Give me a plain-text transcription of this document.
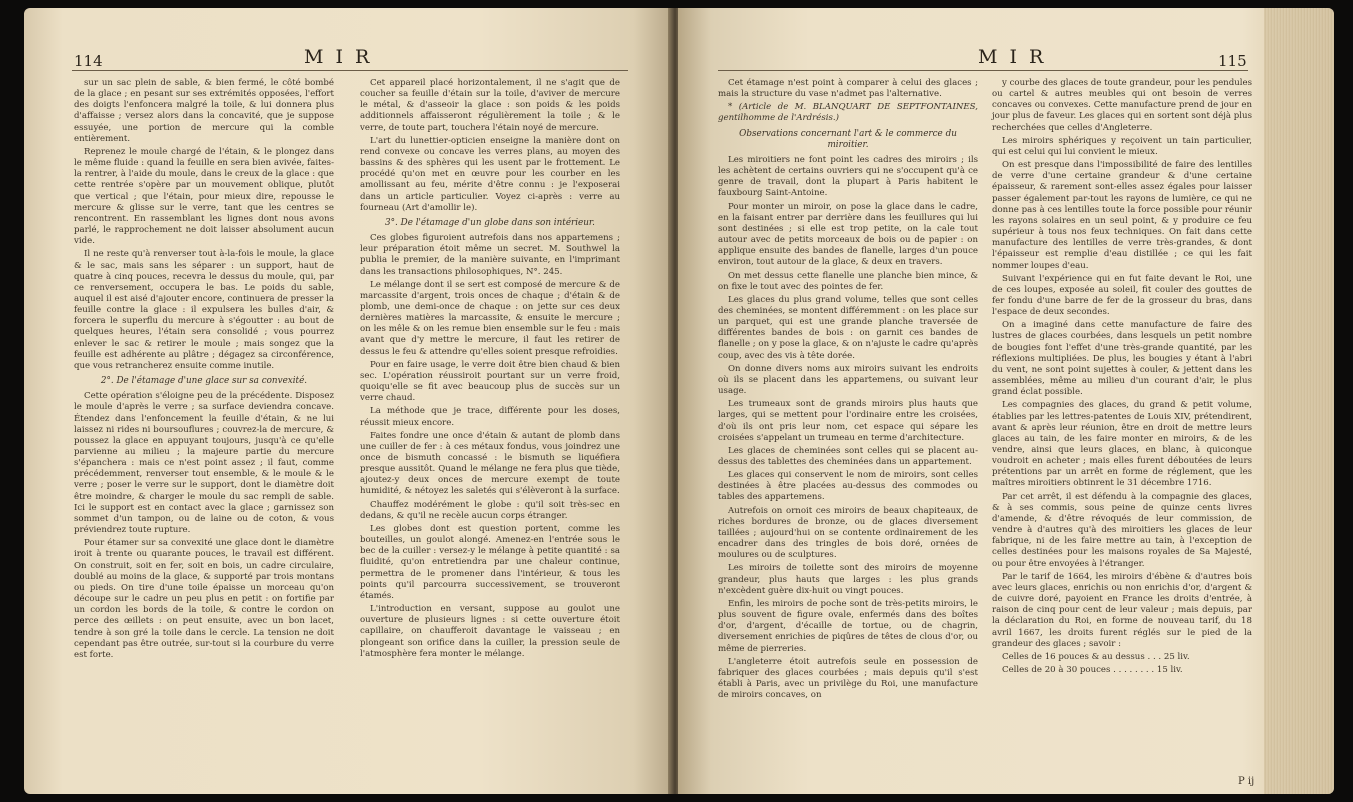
114	M I R

sur un sac plein de sable, & bien fermé, le côté bombé de la glace ; en pesant sur ses extrémités opposées, l'effort des doigts l'enfoncera malgré la toile, & lui donnera plus d'affaisse ; versez alors dans la concavité, que je suppose essuyée, une portion de mercure qui la comble entièrement.

Reprenez le moule chargé de l'étain, & le plongez dans le même fluide : quand la feuille en sera bien avivée, faites-la rentrer, à l'aide du moule, dans le creux de la glace : que cette rentrée s'opère par un mouvement oblique, plutôt que vertical ; que l'étain, pour mieux dire, repousse le mercure & glisse sur le verre, tant que les centres se rencontrent. En rassemblant les lignes dont nous avons parlé, le rapprochement ne doit laisser absolument aucun vide.

Il ne reste qu'à renverser tout à-la-fois le moule, la glace & le sac, mais sans les séparer : un support, haut de quatre à cinq pouces, recevra le dessus du moule, qui, par ce renversement, occupera le bas. Le poids du sable, auquel il est aisé d'ajouter encore, continuera de presser la feuille contre la glace : il expulsera les bulles d'air, & forcera le superflu du mercure à s'égoutter : au bout de quelques heures, l'étain sera consolidé ; vous pourrez enlever le sac & retirer le moule ; mais songez que la feuille est adhérente au plâtre ; dégagez sa circonférence, que vous retrancherez ensuite comme inutile.

2°. De l'étamage d'une glace sur sa convexité.

Cette opération s'éloigne peu de la précédente. Disposez le moule d'après le verre ; sa surface deviendra concave. Étendez dans l'enfoncement la feuille d'étain, & ne lui laissez ni rides ni boursouflures ; couvrez-la de mercure, & poussez la glace en appuyant toujours, jusqu'à ce qu'elle parvienne au milieu ; la majeure partie du mercure s'épanchera : mais ce n'est point assez ; il faut, comme précédemment, renverser tout ensemble, & le moule & le verre ; poser le verre sur le support, dont le diamètre doit être moindre, & charger le moule du sac rempli de sable. Ici le support est en contact avec la glace ; garnissez son sommet d'un tampon, ou de laine ou de coton, & vous préviendrez toute rupture.

Pour étamer sur sa convexité une glace dont le diamètre iroit à trente ou quarante pouces, le travail est différent. On construit, soit en fer, soit en bois, un cadre circulaire, doublé au moins de la glace, & supporté par trois montans ou pieds. On tire d'une toile épaisse un morceau qu'on découpe sur le cadre un peu plus en petit : on fortifie par un cordon les bords de la toile, & contre le cordon on perce des œillets : on peut ensuite, avec un bon lacet, tendre à son gré la toile dans le cercle. La tension ne doit cependant pas être outrée, sur-tout si la courbure du verre est forte.

Cet appareil placé horizontalement, il ne s'agit que de coucher sa feuille d'étain sur la toile, d'aviver de mercure le métal, & d'asseoir la glace : son poids & les poids additionnels affaisseront régulièrement la toile ; & le verre, de toute part, touchera l'étain noyé de mercure.

L'art du lunettier-opticien enseigne la manière dont on rend convexe ou concave les verres plans, au moyen des bassins & des sphères qui les usent par le frottement. Le procédé qu'on met en œuvre pour les courber en les amollissant au feu, mérite d'être connu : je l'exposerai dans un article particulier. Voyez ci-après : verre au fourneau (Art d'amollir le).

3°. De l'étamage d'un globe dans son intérieur.

Ces globes figuroient autrefois dans nos appartemens ; leur préparation étoit même un secret. M. Southwel la publia le premier, de la manière suivante, en l'imprimant dans les transactions philosophiques, N°. 245.

Le mélange dont il se sert est composé de mercure & de marcassite d'argent, trois onces de chaque ; d'étain & de plomb, une demi-once de chaque : on jette sur ces deux dernières matières la marcassite, & ensuite le mercure ; on les mêle & on les remue bien ensemble sur le feu : mais avant que d'y mettre le mercure, il faut les retirer de dessus le feu & attendre qu'elles soient presque refroidies.

Pour en faire usage, le verre doit être bien chaud & bien sec. L'opération réussiroit pourtant sur un verre froid, quoiqu'elle se fit avec beaucoup plus de succès sur un verre chaud.

La méthode que je trace, différente pour les doses, réussit mieux encore.

Faites fondre une once d'étain & autant de plomb dans une cuiller de fer : à ces métaux fondus, vous joindrez une once de bismuth concassé : le bismuth se liquéfiera presque aussitôt. Quand le mélange ne fera plus que tiède, ajoutez-y deux onces de mercure exempt de toute humidité, & nétoyez les saletés qui s'élèveront à la surface.

Chauffez modérément le globe : qu'il soit très-sec en dedans, & qu'il ne recèle aucun corps étranger.

Les globes dont est question portent, comme les bouteilles, un goulot alongé. Amenez-en l'entrée sous le bec de la cuiller : versez-y le mélange à petite quantité : sa fluidité, qu'on entretiendra par une chaleur continue, permettra de le promener dans l'intérieur, & tous les points qu'il parcourra successivement, se trouveront étamés.

L'introduction en versant, suppose au goulot une ouverture de plusieurs lignes : si cette ouverture étoit capillaire, on chaufferoit davantage le vaisseau ; en plongeant son orifice dans la cuiller, la pression seule de l'atmosphère fera monter le mélange.

M I R	115

Cet étamage n'est point à comparer à celui des glaces ; mais la structure du vase n'admet pas l'alternative.

* (Article de M. BLANQUART DE SEPTFONTAINES, gentilhomme de l'Ardrésis.)

Observations concernant l'art & le commerce du miroitier.

Les miroitiers ne font point les cadres des miroirs ; ils les achètent de certains ouvriers qui ne s'occupent qu'à ce genre de travail, dont la plupart à Paris habitent le fauxbourg Saint-Antoine.

Pour monter un miroir, on pose la glace dans le cadre, en la faisant entrer par derrière dans les feuillures qui lui sont destinées ; si elle est trop petite, on la cale tout autour avec de petits morceaux de bois ou de papier : on applique ensuite des bandes de flanelle, larges d'un pouce environ, tout autour de la glace, & deux en travers.

On met dessus cette flanelle une planche bien mince, & on fixe le tout avec des pointes de fer.

Les glaces du plus grand volume, telles que sont celles des cheminées, se montent différemment : on les place sur un parquet, qui est une grande planche traversée de différentes bandes de bois : on garnit ces bandes de flanelle ; on y pose la glace, & on n'ajuste le cadre qu'après coup, avec des vis à tête dorée.

On donne divers noms aux miroirs suivant les endroits où ils se placent dans les appartemens, ou suivant leur usage.

Les trumeaux sont de grands miroirs plus hauts que larges, qui se mettent pour l'ordinaire entre les croisées, d'où ils ont pris leur nom, cet espace qui sépare les croisées s'appelant un trumeau en terme d'architecture.

Les glaces de cheminées sont celles qui se placent au-dessus des tablettes des cheminées dans un appartement.

Les glaces qui conservent le nom de miroirs, sont celles destinées à être placées au-dessus des commodes ou tables des appartemens.

Autrefois on ornoit ces miroirs de beaux chapiteaux, de riches bordures de bronze, ou de glaces diversement taillées ; aujourd'hui on se contente ordinairement de les encadrer dans des tringles de bois doré, ornées de moulures ou de sculptures.

Les miroirs de toilette sont des miroirs de moyenne grandeur, plus hauts que larges : les plus grands n'excèdent guère dix-huit ou vingt pouces.

Enfin, les miroirs de poche sont de très-petits miroirs, le plus souvent de figure ovale, enfermés dans des boîtes d'or, d'argent, d'écaille de tortue, ou de chagrin, diversement enrichies de piqûres de têtes de clous d'or, ou même de pierreries.

L'angleterre étoit autrefois seule en possession de fabriquer des glaces courbées ; mais depuis qu'il s'est établi à Paris, avec un privilège du Roi, une manufacture de miroirs concaves, on

y courbe des glaces de toute grandeur, pour les pendules ou cartel & autres meubles qui ont besoin de verres concaves ou convexes. Cette manufacture prend de jour en jour plus de faveur. Les glaces qui en sortent sont déjà plus recherchées que celles d'Angleterre.

Les miroirs sphériques y reçoivent un tain particulier, qui est celui qui lui convient le mieux.

On est presque dans l'impossibilité de faire des lentilles de verre d'une certaine grandeur & d'une certaine épaisseur, & rarement sont-elles assez égales pour laisser passer également par-tout les rayons de lumière, ce qui ne donne pas à ces lentilles toute la force possible pour réunir les rayons solaires en un seul point, & y produire ce feu supérieur à tous nos feux techniques. On fait dans cette manufacture des lentilles de verre très-grandes, & dont l'épaisseur est remplie d'eau distillée ; ce qui les fait nommer loupes d'eau.

Suivant l'expérience qui en fut faite devant le Roi, une de ces loupes, exposée au soleil, fit couler des gouttes de fer fondu d'une barre de fer de la grosseur du bras, dans l'espace de deux secondes.

On a imaginé dans cette manufacture de faire des lustres de glaces courbées, dans lesquels un petit nombre de bougies font l'effet d'une très-grande quantité, par les réflexions multipliées. De plus, les bougies y étant à l'abri du vent, ne sont point sujettes à couler, & jettent dans les assemblées, même au milieu d'un courant d'air, le plus grand éclat possible.

Les compagnies des glaces, du grand & petit volume, établies par les lettres-patentes de Louis XIV, prétendirent, avant & après leur réunion, être en droit de mettre leurs glaces au tain, de les faire monter en miroirs, & de les vendre, ainsi que leurs glaces, en blanc, à quiconque voudroit en acheter ; mais elles furent déboutées de leurs prétentions par un arrêt en forme de réglement, que les maîtres miroitiers obtinrent le 31 décembre 1716.

Par cet arrêt, il est défendu à la compagnie des glaces, & à ses commis, sous peine de quinze cents livres d'amende, & d'être révoqués de leur commission, de vendre à d'autres qu'à des miroitiers les glaces de leur fabrique, ni de les faire mettre au tain, à l'exception de celles destinées pour les maisons royales de Sa Majesté, ou pour être envoyées à l'étranger.

Par le tarif de 1664, les miroirs d'ébène & d'autres bois avec leurs glaces, enrichis ou non enrichis d'or, d'argent & de cuivre doré, payoient en France les droits d'entrée, à raison de cinq pour cent de leur valeur ; mais depuis, par la déclaration du Roi, en forme de nouveau tarif, du 18 avril 1667, les droits furent réglés sur le pied de la grandeur des glaces ; savoir :

Celles de 16 pouces & au dessus . . . 25 liv.

Celles de 20 à 30 pouces . . . . . . . . 15 liv.

P ij
